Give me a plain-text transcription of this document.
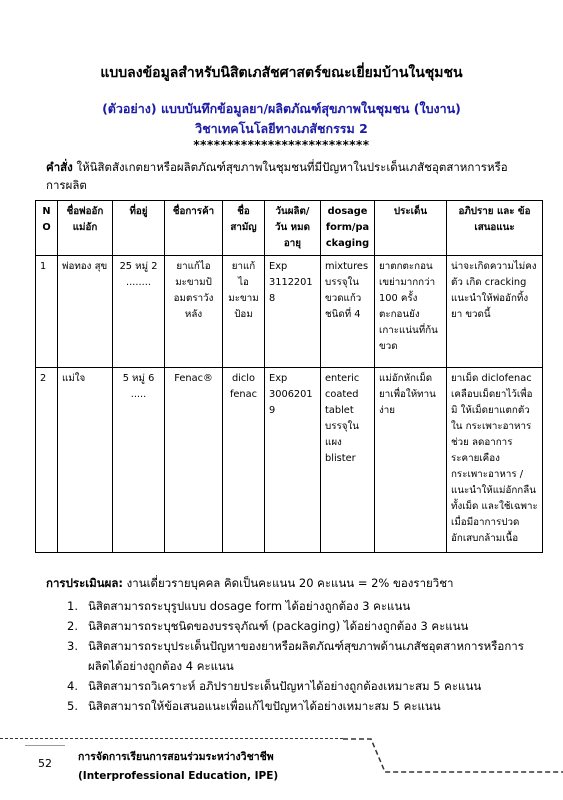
แบบลงข้อมูลสำหรับนิสิตเภสัชศาสตร์ขณะเยี่ยมบ้านในชุมชน
(ตัวอย่าง) แบบบันทึกข้อมูลยา/ผลิตภัณฑ์สุขภาพในชุมชน (ใบงาน)
วิชาเทคโนโลยีทางเภสัชกรรม 2
**************************
คำสั่ง ให้นิสิตสังเกตยาหรือผลิตภัณฑ์สุขภาพในชุมชนที่มีปัญหาในประเด็นเภสัชอุตสาหการหรือการผลิต
N O	ชื่อพ่ออัก แม่อัก	ที่อยู่	ชื่อการค้า	ชื่อ สามัญ	วันผลิต/ วัน หมดอายุ	dosage form/pa ckaging	ประเด็น	อภิปราย และ ข้อเสนอแนะ
1	พ่อทอง สุข	25 หมู่ 2 ........	ยาแก้ไอ มะขามป้ อมตราวัง หลัง	ยาแก้ ไอ มะขาม ป้อม	Exp 3112201 8	mixtures บรรจุใน ขวดแก้ว ชนิดที่ 4	ยาตกตะกอน เขย่ามากกว่า 100 ครั้ง ตะกอนยัง เกาะแน่นที่ก้น ขวด	น่าจะเกิดความไม่คง ตัว เกิด cracking แนะนำให้พ่ออักทิ้งยา ขวดนี้
2	แม่ใจ	5 หมู่ 6 .....	Fenac®	diclo fenac	Exp 3006201 9	enteric coated tablet บรรจุใน แผง blister	แม่อักหักเม็ด ยาเพื่อให้ทาน ง่าย	ยาเม็ด diclofenac เคลือบเม็ดยาไว้เพื่อมิ ให้เม็ดยาแตกตัวใน กระเพาะอาหาร ช่วย ลดอาการระคายเคือง กระเพาะอาหาร / แนะนำให้แม่อักกลืน ทั้งเม็ด และใช้เฉพาะ เมื่อมีอาการปวด อักเสบกล้ามเนื้อ
การประเมินผล: งานเดี่ยวรายบุคคล คิดเป็นคะแนน 20 คะแนน = 2% ของรายวิชา
1. นิสิตสามารถระบุรูปแบบ dosage form ได้อย่างถูกต้อง 3 คะแนน
2. นิสิตสามารถระบุชนิดของบรรจุภัณฑ์ (packaging) ได้อย่างถูกต้อง 3 คะแนน
3. นิสิตสามารถระบุประเด็นปัญหาของยาหรือผลิตภัณฑ์สุขภาพด้านเภสัชอุตสาหการหรือการผลิตได้อย่างถูกต้อง 4 คะแนน
4. นิสิตสามารถวิเคราะห์ อภิปรายประเด็นปัญหาได้อย่างถูกต้องเหมาะสม 5 คะแนน
5. นิสิตสามารถให้ข้อเสนอแนะเพื่อแก้ไขปัญหาได้อย่างเหมาะสม 5 คะแนน
52	การจัดการเรียนการสอนร่วมระหว่างวิชาชีพ
(Interprofessional Education, IPE)
